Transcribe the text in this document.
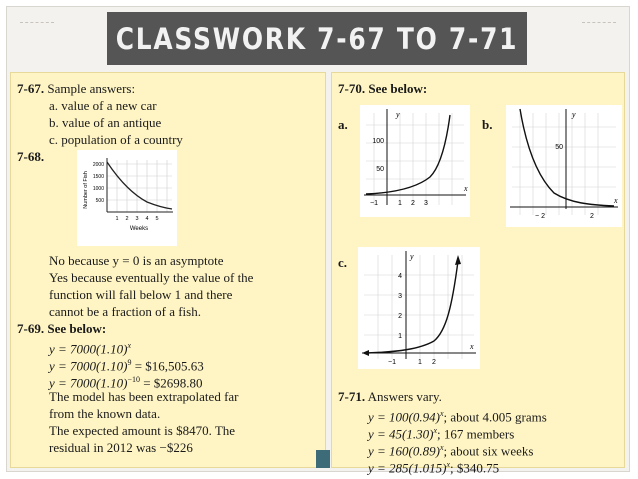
CLASSWORK 7-67 TO 7-71
7-67. Sample answers:
a. value of a new car
b. value of an antique
c. population of a country
7-68.
2000
1500
1000
500
1 2 3 4 5
Weeks
Number of Fish
No because y = 0 is an asymptote
Yes because eventually the value of the
function will fall below 1 and there
cannot be a fraction of a fish.
7-69. See below:
$y = 7000(1.10)^x$
$y = 7000(1.10)^9$ = $16,505.63
$y = 7000(1.10)^{-10}$ = $2698.80
The model has been extrapolated far
from the known data.
The expected amount is $8470. The
residual in 2012 was −$226
7-70. See below:
a.
y
x
100
50
−1	1 2 3
b.
y
x
50
− 2	2
c.	y
x
4
3
2
1
−1	1 2
7-71. Answers vary.
$y = 100(0.94)^x$; about 4.005 grams
$y = 45(1.30)^x$; 167 members
$y = 160(0.89)^x$; about six weeks
$y = 285(1.015)^x$; $340.75
